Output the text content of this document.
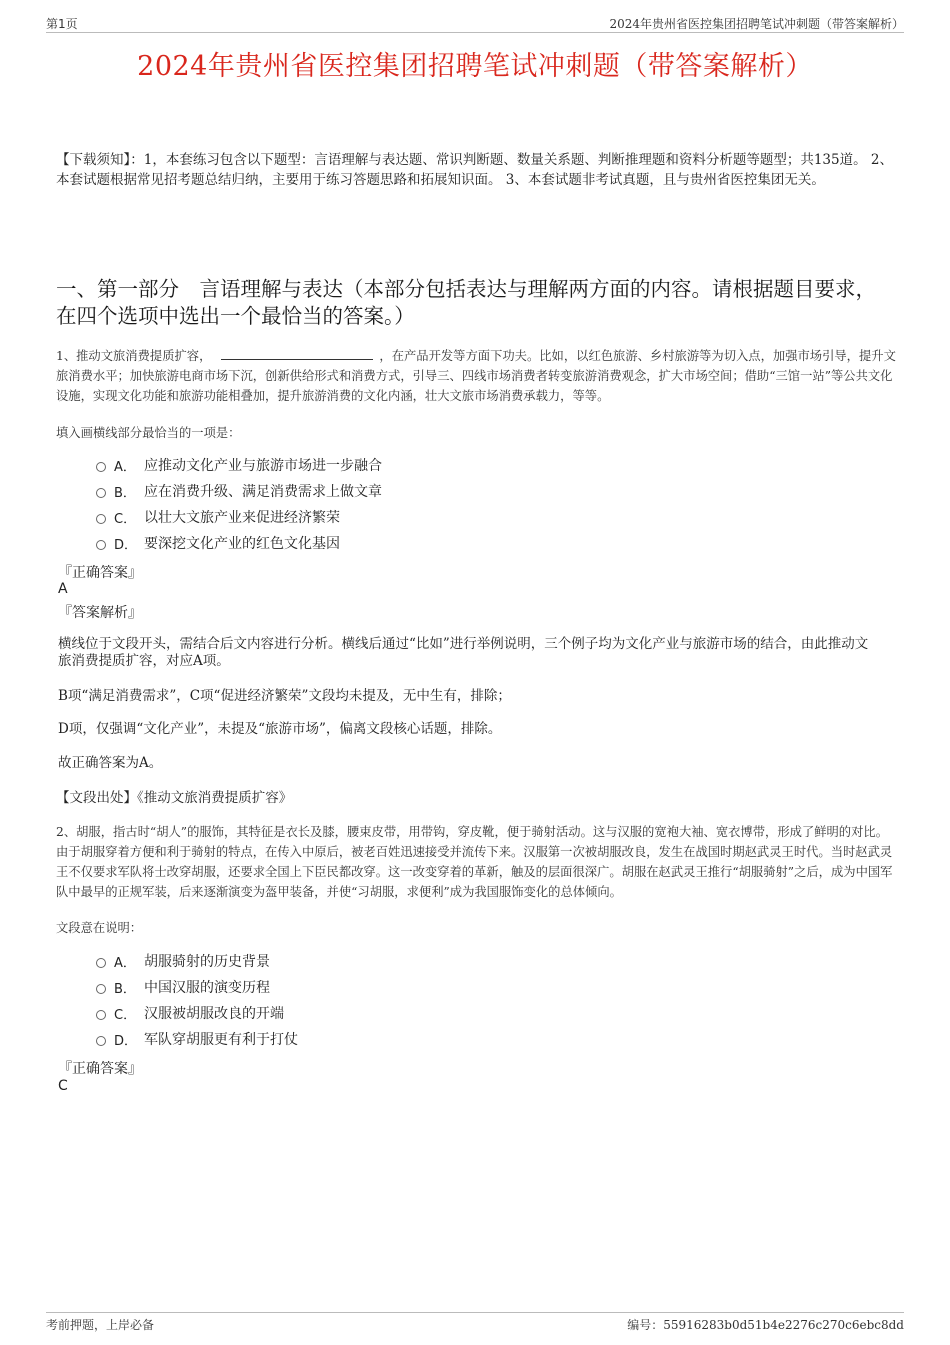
第1页	2024年贵州省医控集团招聘笔试冲刺题（带答案解析）
2024年贵州省医控集团招聘笔试冲刺题（带答案解析）
【下载须知】：1，本套练习包含以下题型：言语理解与表达题、常识判断题、数量关系题、判断推理题和资料分析题等题型；共135道。 2、本套试题根据常见招考题总结归纳，主要用于练习答题思路和拓展知识面。 3、本套试题非考试真题，且与贵州省医控集团无关。
一、第一部分　言语理解与表达（本部分包括表达与理解两方面的内容。请根据题目要求，在四个选项中选出一个最恰当的答案。）
1、推动文旅消费提质扩容，	，在产品开发等方面下功夫。比如，以红色旅游、乡村旅游等为切入点，加强市场引导，提升文旅消费水平；加快旅游电商市场下沉，创新供给形式和消费方式，引导三、四线市场消费者转变旅游消费观念，扩大市场空间；借助“三馆一站”等公共文化设施，实现文化功能和旅游功能相叠加，提升旅游消费的文化内涵，壮大文旅市场消费承载力，等等。
填入画横线部分最恰当的一项是：
A． 应推动文化产业与旅游市场进一步融合
B． 应在消费升级、满足消费需求上做文章
C． 以壮大文旅产业来促进经济繁荣
D． 要深挖文化产业的红色文化基因
『正确答案』
A
『答案解析』
横线位于文段开头，需结合后文内容进行分析。横线后通过“比如”进行举例说明，三个例子均为文化产业与旅游市场的结合，由此推动文旅消费提质扩容，对应A项。
B项“满足消费需求”，C项“促进经济繁荣”文段均未提及，无中生有，排除；
D项，仅强调“文化产业”，未提及“旅游市场”，偏离文段核心话题，排除。
故正确答案为A。
【文段出处】《推动文旅消费提质扩容》
2、胡服，指古时“胡人”的服饰，其特征是衣长及膝，腰束皮带，用带钩，穿皮靴，便于骑射活动。这与汉服的宽袍大袖、宽衣博带，形成了鲜明的对比。由于胡服穿着方便和利于骑射的特点，在传入中原后，被老百姓迅速接受并流传下来。汉服第一次被胡服改良，发生在战国时期赵武灵王时代。当时赵武灵王不仅要求军队将士改穿胡服，还要求全国上下臣民都改穿。这一改变穿着的革新，触及的层面很深广。胡服在赵武灵王推行“胡服骑射”之后，成为中国军队中最早的正规军装，后来逐渐演变为盔甲装备，并使“习胡服，求便利”成为我国服饰变化的总体倾向。
文段意在说明：
A． 胡服骑射的历史背景
B． 中国汉服的演变历程
C． 汉服被胡服改良的开端
D． 军队穿胡服更有利于打仗
『正确答案』
C
考前押题，上岸必备	编号：55916283b0d51b4e2276c270c6ebc8dd
